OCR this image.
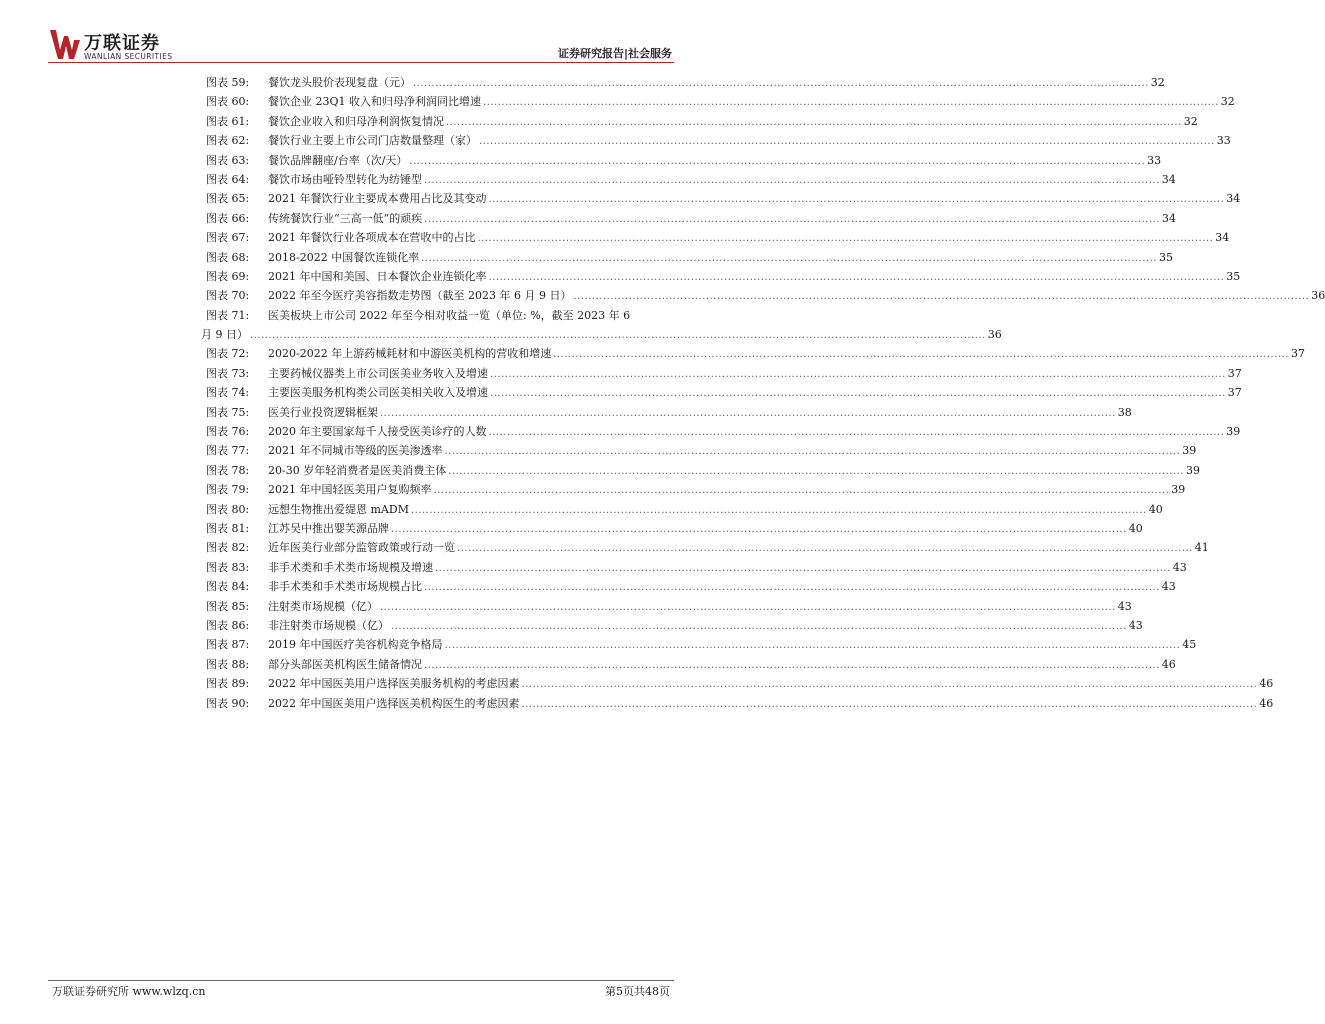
万联证券
WANLIAN SECURITIES	证券研究报告|社会服务
图表 59:	餐饮龙头股价表现复盘（元） ........................................................................................................................................................................................................ 32
图表 60:	餐饮企业 23Q1 收入和归母净利润同比增速 ........................................................................................................................................................................................................ 32
图表 61:	餐饮企业收入和归母净利润恢复情况 ........................................................................................................................................................................................................ 32
图表 62:	餐饮行业主要上市公司门店数量整理（家） ........................................................................................................................................................................................................ 33
图表 63:	餐饮品牌翻座/台率（次/天） ........................................................................................................................................................................................................ 33
图表 64:	餐饮市场由哑铃型转化为纺锤型 ........................................................................................................................................................................................................ 34
图表 65:	2021 年餐饮行业主要成本费用占比及其变动 ........................................................................................................................................................................................................ 34
图表 66:	传统餐饮行业“三高一低”的顽疾 ........................................................................................................................................................................................................ 34
图表 67:	2021 年餐饮行业各项成本在营收中的占比 ........................................................................................................................................................................................................ 34
图表 68:	2018-2022 中国餐饮连锁化率 ........................................................................................................................................................................................................ 35
图表 69:	2021 年中国和美国、日本餐饮企业连锁化率 ........................................................................................................................................................................................................ 35
图表 70:	2022 年至今医疗美容指数走势图（截至 2023 年 6 月 9 日） ........................................................................................................................................................................................................ 36
图表 71:	医美板块上市公司 2022 年至今相对收益一览（单位: %，截至 2023 年 6
月 9 日） ........................................................................................................................................................................................................ 36
图表 72:	2020-2022 年上游药械耗材和中游医美机构的营收和增速 ........................................................................................................................................................................................................ 37
图表 73:	主要药械仪器类上市公司医美业务收入及增速 ........................................................................................................................................................................................................ 37
图表 74:	主要医美服务机构类公司医美相关收入及增速 ........................................................................................................................................................................................................ 37
图表 75:	医美行业投资逻辑框架 ........................................................................................................................................................................................................ 38
图表 76:	2020 年主要国家每千人接受医美诊疗的人数 ........................................................................................................................................................................................................ 39
图表 77:	2021 年不同城市等级的医美渗透率 ........................................................................................................................................................................................................ 39
图表 78:	20-30 岁年轻消费者是医美消费主体 ........................................................................................................................................................................................................ 39
图表 79:	2021 年中国轻医美用户复购频率 ........................................................................................................................................................................................................ 39
图表 80:	远想生物推出爱缇恩 mADM ........................................................................................................................................................................................................ 40
图表 81:	江苏吴中推出婴芙源品牌 ........................................................................................................................................................................................................ 40
图表 82:	近年医美行业部分监管政策或行动一览 ........................................................................................................................................................................................................ 41
图表 83:	非手术类和手术类市场规模及增速 ........................................................................................................................................................................................................ 43
图表 84:	非手术类和手术类市场规模占比 ........................................................................................................................................................................................................ 43
图表 85:	注射类市场规模（亿） ........................................................................................................................................................................................................ 43
图表 86:	非注射类市场规模（亿） ........................................................................................................................................................................................................ 43
图表 87:	2019 年中国医疗美容机构竞争格局 ........................................................................................................................................................................................................ 45
图表 88:	部分头部医美机构医生储备情况 ........................................................................................................................................................................................................ 46
图表 89:	2022 年中国医美用户选择医美服务机构的考虑因素 ........................................................................................................................................................................................................ 46
图表 90:	2022 年中国医美用户选择医美机构医生的考虑因素 ........................................................................................................................................................................................................ 46
万联证券研究所 www.wlzq.cn	第5页共48页
